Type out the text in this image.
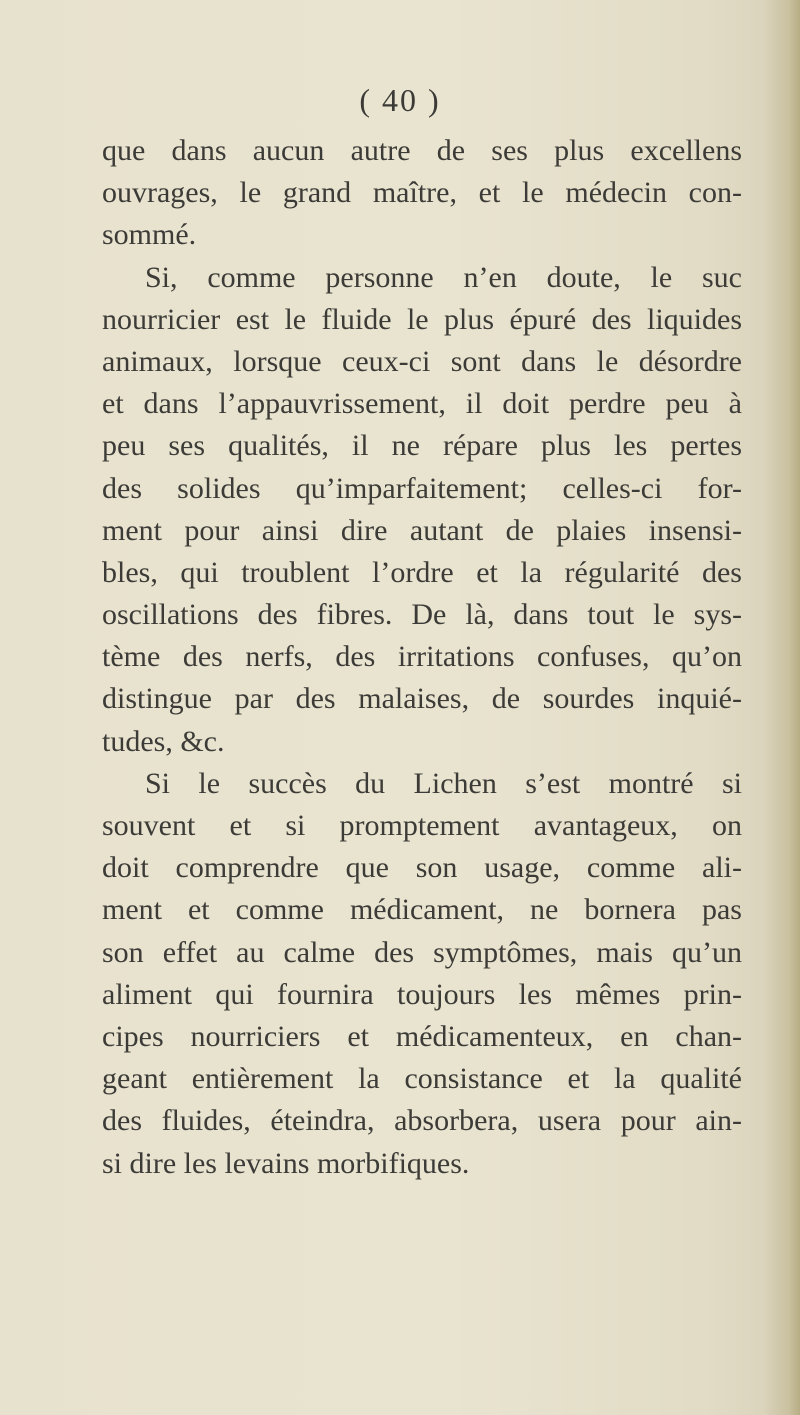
( 40 )
que dans aucun autre de ses plus excellens
ouvrages, le grand maître, et le médecin con-
sommé.
Si, comme personne n’en doute, le suc
nourricier est le fluide le plus épuré des liquides
animaux, lorsque ceux-ci sont dans le désordre
et dans l’appauvrissement, il doit perdre peu à
peu ses qualités, il ne répare plus les pertes
des solides qu’imparfaitement; celles-ci for-
ment pour ainsi dire autant de plaies insensi-
bles, qui troublent l’ordre et la régularité des
oscillations des fibres. De là, dans tout le sys-
tème des nerfs, des irritations confuses, qu’on
distingue par des malaises, de sourdes inquié-
tudes, &c.
Si le succès du Lichen s’est montré si
souvent et si promptement avantageux, on
doit comprendre que son usage, comme ali-
ment et comme médicament, ne bornera pas
son effet au calme des symptômes, mais qu’un
aliment qui fournira toujours les mêmes prin-
cipes nourriciers et médicamenteux, en chan-
geant entièrement la consistance et la qualité
des fluides, éteindra, absorbera, usera pour ain-
si dire les levains morbifiques.
